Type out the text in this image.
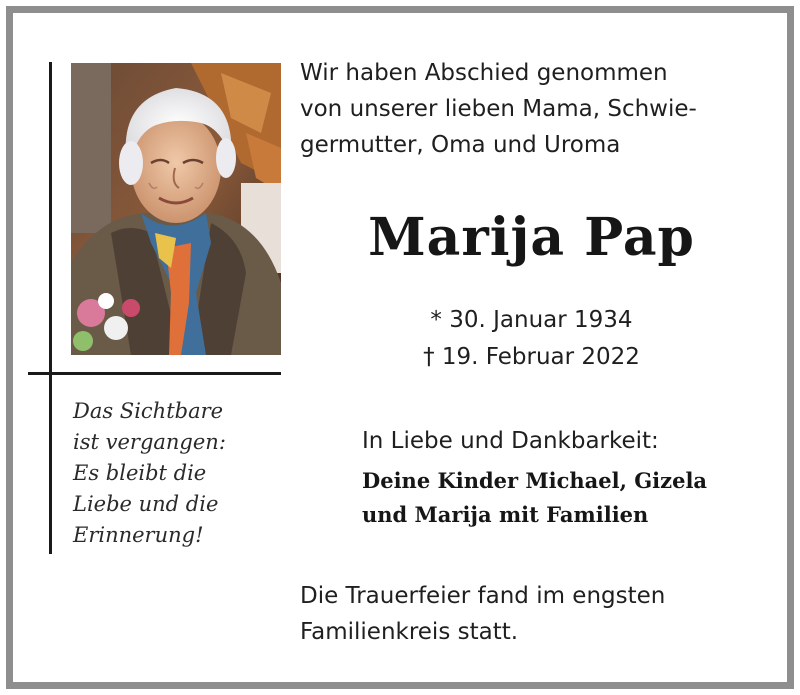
Das Sichtbare
ist vergangen:
Es bleibt die
Liebe und die
Erinnerung!
Wir haben Abschied genommen
von unserer lieben Mama, Schwie-
germutter, Oma und Uroma
Marija Pap
* 30. Januar 1934
† 19. Februar 2022
In Liebe und Dankbarkeit:
Deine Kinder Michael, Gizela
und Marija mit Familien
Die Trauerfeier fand im engsten
Familienkreis statt.
